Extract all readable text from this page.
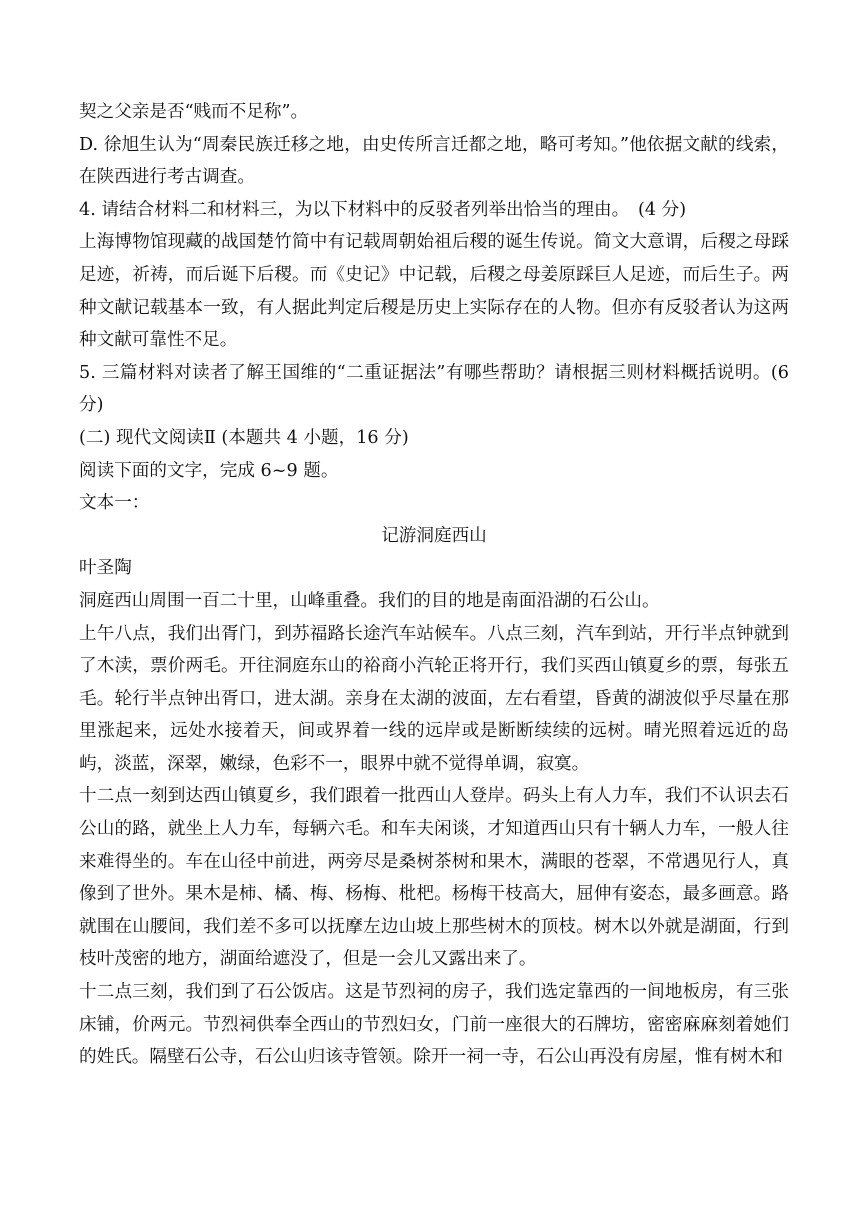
契之父亲是否“贱而不足称”。

D. 徐旭生认为“周秦民族迁移之地，由史传所言迁都之地，略可考知。”他依据文献的线索，在陕西进行考古调查。

4. 请结合材料二和材料三，为以下材料中的反驳者列举出恰当的理由。　(4 分)

上海博物馆现藏的战国楚竹简中有记载周朝始祖后稷的诞生传说。简文大意谓，后稷之母踩足迹，祈祷，而后诞下后稷。而《史记》中记载，后稷之母姜原踩巨人足迹，而后生子。两种文献记载基本一致，有人据此判定后稷是历史上实际存在的人物。但亦有反驳者认为这两种文献可靠性不足。

5. 三篇材料对读者了解王国维的“二重证据法”有哪些帮助？请根据三则材料概括说明。(6分)

(二) 现代文阅读Ⅱ (本题共 4 小题，16 分)

阅读下面的文字，完成 6~9 题。

文本一：

记游洞庭西山

叶圣陶

洞庭西山周围一百二十里，山峰重叠。我们的目的地是南面沿湖的石公山。

上午八点，我们出胥门，到苏福路长途汽车站候车。八点三刻，汽车到站，开行半点钟就到了木渎，票价两毛。开往洞庭东山的裕商小汽轮正将开行，我们买西山镇夏乡的票，每张五毛。轮行半点钟出胥口，进太湖。亲身在太湖的波面，左右看望，昏黄的湖波似乎尽量在那里涨起来，远处水接着天，间或界着一线的远岸或是断断续续的远树。晴光照着远近的岛屿，淡蓝，深翠，嫩绿，色彩不一，眼界中就不觉得单调，寂寞。

十二点一刻到达西山镇夏乡，我们跟着一批西山人登岸。码头上有人力车，我们不认识去石公山的路，就坐上人力车，每辆六毛。和车夫闲谈，才知道西山只有十辆人力车，一般人往来难得坐的。车在山径中前进，两旁尽是桑树茶树和果木，满眼的苍翠，不常遇见行人，真像到了世外。果木是柿、橘、梅、杨梅、枇杷。杨梅干枝高大，屈伸有姿态，最多画意。路就围在山腰间，我们差不多可以抚摩左边山坡上那些树木的顶枝。树木以外就是湖面，行到枝叶茂密的地方，湖面给遮没了，但是一会儿又露出来了。

十二点三刻，我们到了石公饭店。这是节烈祠的房子，我们选定靠西的一间地板房，有三张床铺，价两元。节烈祠供奉全西山的节烈妇女，门前一座很大的石牌坊，密密麻麻刻着她们的姓氏。隔壁石公寺，石公山归该寺管领。除开一祠一寺，石公山再没有房屋，惟有树木和
